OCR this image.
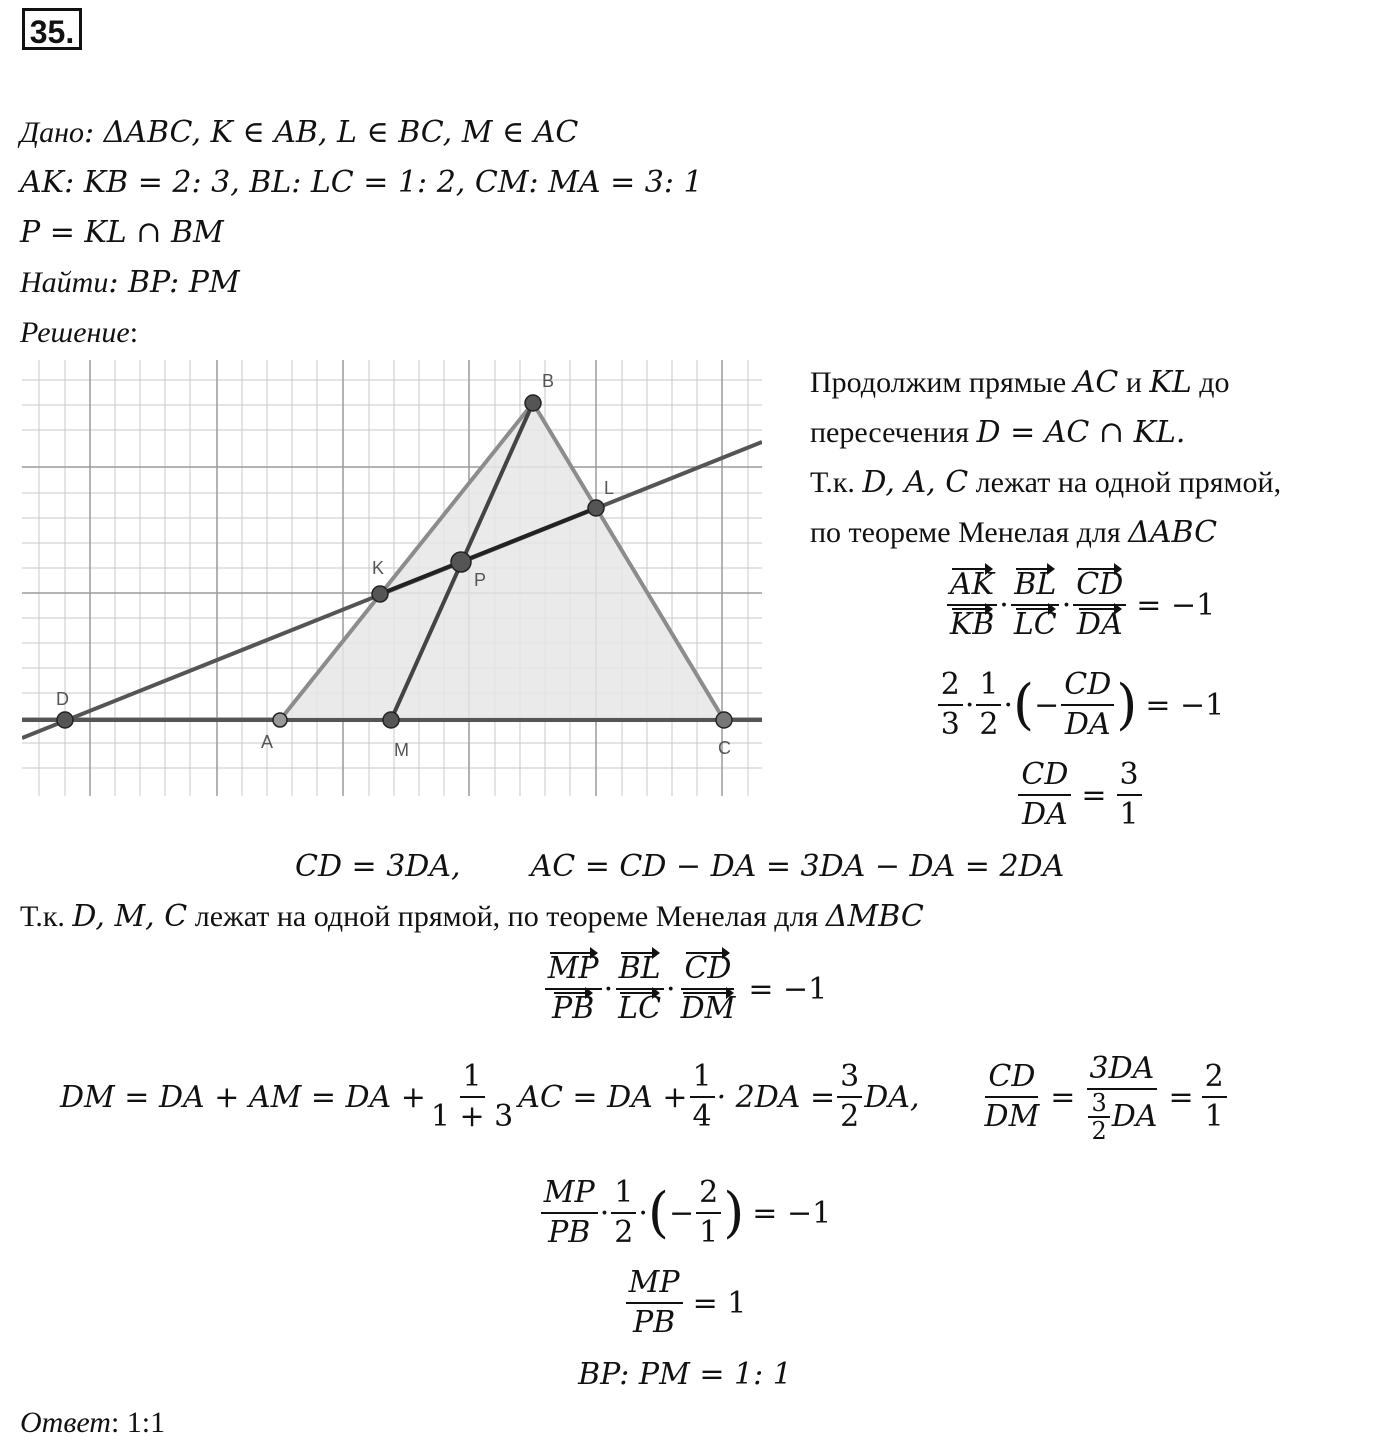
35.
Дано: ΔABC, K ∈ AB, L ∈ BC, M ∈ AC
AK: KB = 2: 3, BL: LC = 1: 2, CM: MA = 3: 1
P = KL ∩ BM
Найти: BP: PM
Решение:
B
L
K
P
D
A	M	C
Продолжим прямые AC и KL до
пересечения D = AC ∩ KL.
Т.к. D, A, C лежат на одной прямой,
по теореме Менелая для ΔABC
$\frac{AK}{KB} \cdot \frac{BL}{LC} \cdot \frac{CD}{DA} = -1$
$\frac{2}{3} \cdot \frac{1}{2}$ · ( − $\frac{CD}{DA}$ ) = −1
$\frac{CD}{DA} = \frac{3}{1}$
CD = 3DA, AC = CD − DA = 3DA − DA = 2DA
Т.к. D, M, C лежат на одной прямой, по теореме Менелая для ΔMBC
$\frac{MP}{PB} \cdot \frac{BL}{LC} \cdot \frac{CD}{DM} = -1$
DM = DA + AM = DA + $\frac{1}{1 + 3}$ AC = DA + $\frac{1}{4} \cdot 2DA = \frac{3}{2}$ DA, $\frac{CD}{DM} = \frac{3DA}{\frac{3}{2} DA} = \frac{2}{1}$
$\frac{MP}{PB} \cdot \frac{1}{2}$ · ( − $\frac{2}{1}$ ) = −1
$\frac{MP}{PB} = 1$
BP: PM = 1: 1
Ответ: 1:1
